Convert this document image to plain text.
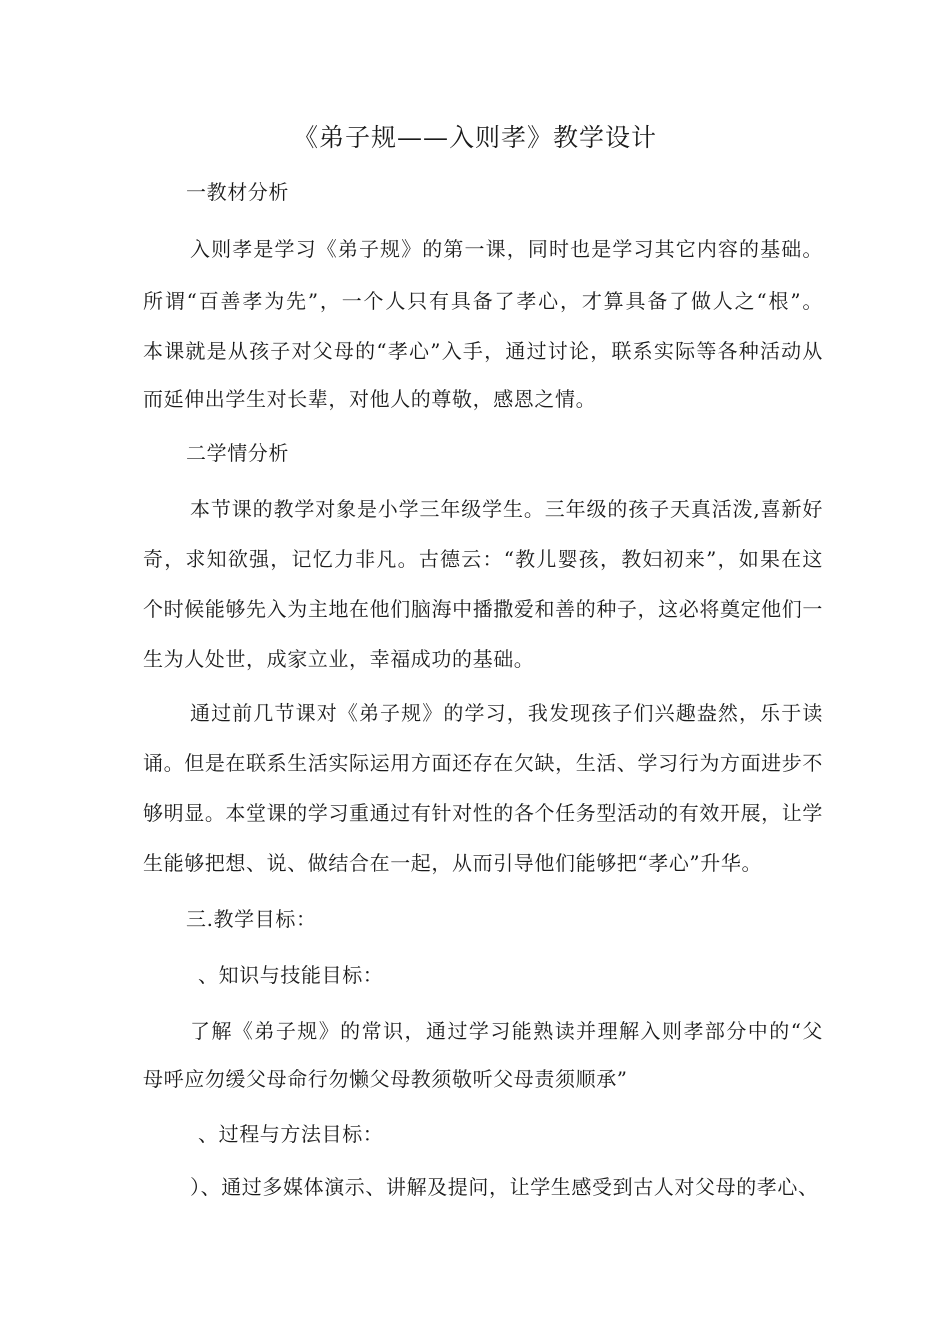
《弟子规——入则孝》教学设计
一教材分析
入则孝是学习《弟子规》的第一课，同时也是学习其它内容的基础。
所谓“百善孝为先”，一个人只有具备了孝心，才算具备了做人之“根”。
本课就是从孩子对父母的“孝心”入手，通过讨论，联系实际等各种活动从
而延伸出学生对长辈，对他人的尊敬，感恩之情。
二学情分析
本节课的教学对象是小学三年级学生。三年级的孩子天真活泼,喜新好
奇，求知欲强，记忆力非凡。古德云：“教儿婴孩，教妇初来”，如果在这
个时候能够先入为主地在他们脑海中播撒爱和善的种子，这必将奠定他们一
生为人处世，成家立业，幸福成功的基础。
通过前几节课对《弟子规》的学习，我发现孩子们兴趣盎然，乐于读
诵。但是在联系生活实际运用方面还存在欠缺，生活、学习行为方面进步不
够明显。本堂课的学习重通过有针对性的各个任务型活动的有效开展，让学
生能够把想、说、做结合在一起，从而引导他们能够把“孝心”升华。
三.教学目标：
、知识与技能目标：
了解《弟子规》的常识，通过学习能熟读并理解入则孝部分中的“父
母呼应勿缓父母命行勿懒父母教须敬听父母责须顺承”
、过程与方法目标：
）、通过多媒体演示、讲解及提问，让学生感受到古人对父母的孝心、
